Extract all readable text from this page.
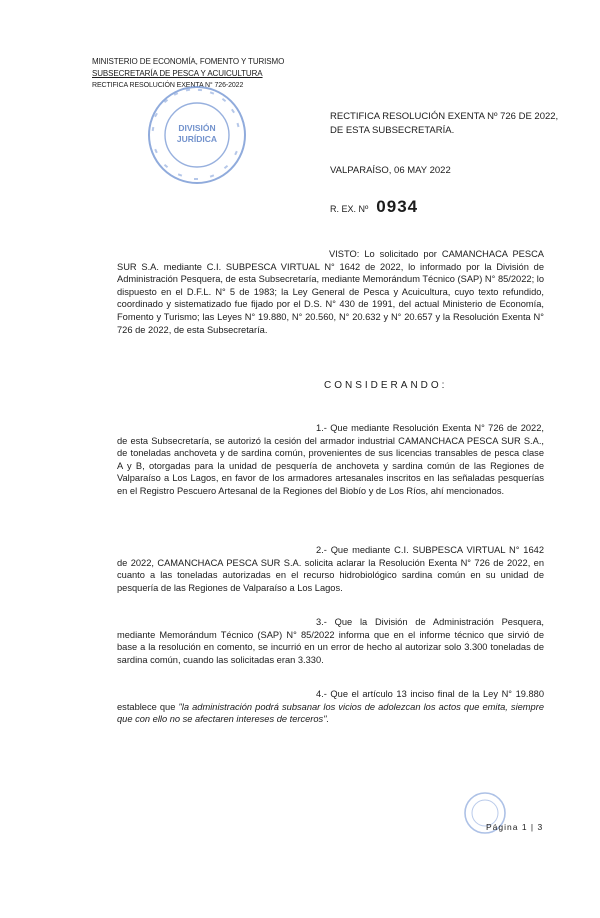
MINISTERIO DE ECONOMÍA, FOMENTO Y TURISMO
SUBSECRETARÍA DE PESCA Y ACUICULTURA
RECTIFICA RESOLUCIÓN EXENTA N° 726-2022
DIVISIÓN
JURÍDICA
RECTIFICA RESOLUCIÓN EXENTA Nº 726 DE 2022, DE ESTA SUBSECRETARÍA.
VALPARAÍSO, 06 MAY 2022
R. EX. Nº 0934
VISTO: Lo solicitado por CAMANCHACA PESCA SUR S.A. mediante C.I. SUBPESCA VIRTUAL N° 1642 de 2022, lo informado por la División de Administración Pesquera, de esta Subsecretaría, mediante Memorándum Técnico (SAP) N° 85/2022; lo dispuesto en el D.F.L. N° 5 de 1983; la Ley General de Pesca y Acuicultura, cuyo texto refundido, coordinado y sistematizado fue fijado por el D.S. N° 430 de 1991, del actual Ministerio de Economía, Fomento y Turismo; las Leyes N° 19.880, N° 20.560, N° 20.632 y N° 20.657 y la Resolución Exenta N° 726 de 2022, de esta Subsecretaría.
CONSIDERANDO:
1.- Que mediante Resolución Exenta N° 726 de 2022, de esta Subsecretaría, se autorizó la cesión del armador industrial CAMANCHACA PESCA SUR S.A., de toneladas anchoveta y de sardina común, provenientes de sus licencias transables de pesca clase A y B, otorgadas para la unidad de pesquería de anchoveta y sardina común de las Regiones de Valparaíso a Los Lagos, en favor de los armadores artesanales inscritos en las señaladas pesquerías en el Registro Pescuero Artesanal de la Regiones del Biobío y de Los Ríos, ahí mencionados.
2.- Que mediante C.I. SUBPESCA VIRTUAL N° 1642 de 2022, CAMANCHACA PESCA SUR S.A. solicita aclarar la Resolución Exenta N° 726 de 2022, en cuanto a las toneladas autorizadas en el recurso hidrobiológico sardina común en su unidad de pesquería de las Regiones de Valparaíso a Los Lagos.
3.- Que la División de Administración Pesquera, mediante Memorándum Técnico (SAP) N° 85/2022 informa que en el informe técnico que sirvió de base a la resolución en comento, se incurrió en un error de hecho al autorizar solo 3.300 toneladas de sardina común, cuando las solicitadas eran 3.330.
4.- Que el artículo 13 inciso final de la Ley N° 19.880 establece que "la administración podrá subsanar los vicios de adolezcan los actos que emita, siempre que con ello no se afectaren intereses de terceros".
Página 1 | 3
